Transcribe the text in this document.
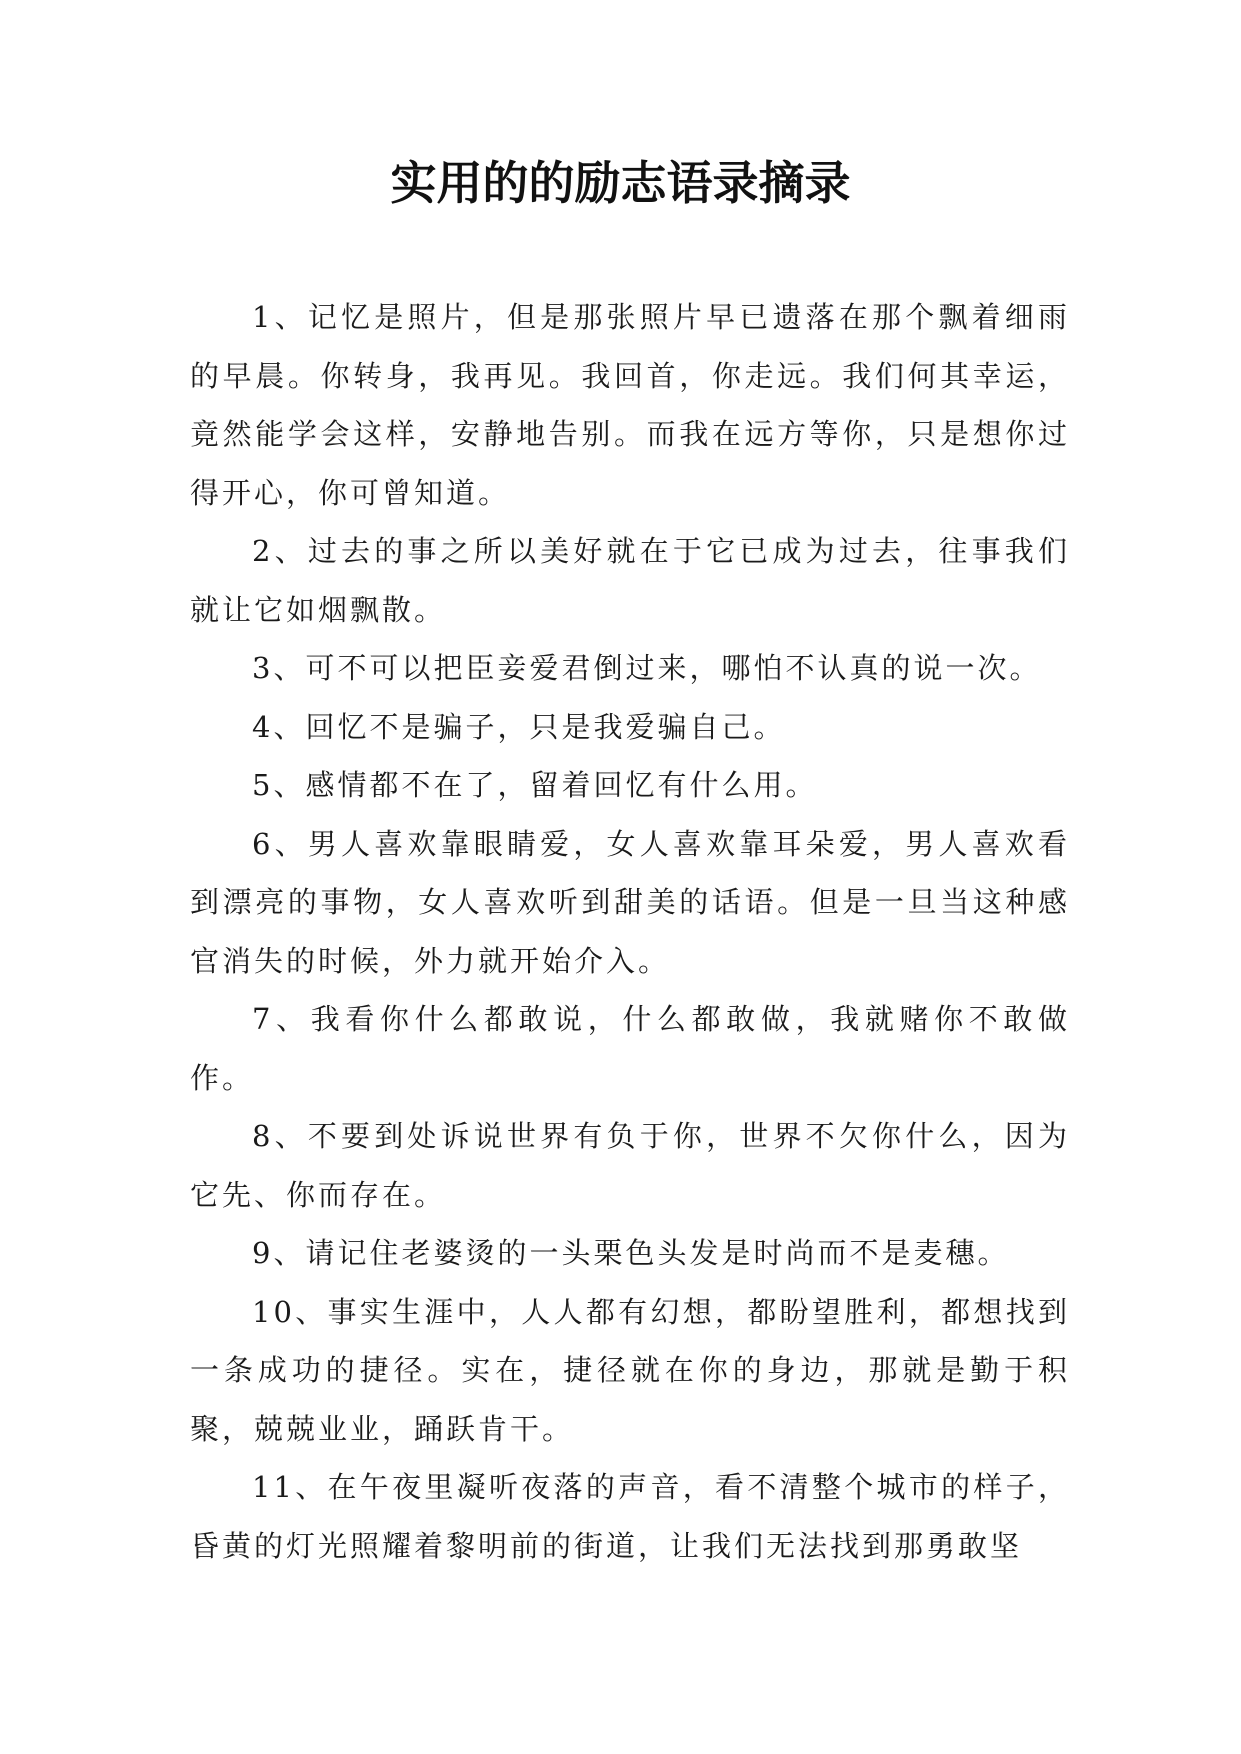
实用的的励志语录摘录

1、记忆是照片，但是那张照片早已遗落在那个飘着细雨的早晨。你转身，我再见。我回首，你走远。我们何其幸运，竟然能学会这样，安静地告别。而我在远方等你，只是想你过得开心，你可曾知道。

2、过去的事之所以美好就在于它已成为过去，往事我们就让它如烟飘散。

3、可不可以把臣妾爱君倒过来，哪怕不认真的说一次。

4、回忆不是骗子，只是我爱骗自己。

5、感情都不在了，留着回忆有什么用。

6、男人喜欢靠眼睛爱，女人喜欢靠耳朵爱，男人喜欢看到漂亮的事物，女人喜欢听到甜美的话语。但是一旦当这种感官消失的时候，外力就开始介入。

7、我看你什么都敢说，什么都敢做，我就赌你不敢做作。

8、不要到处诉说世界有负于你，世界不欠你什么，因为它先、你而存在。

9、请记住老婆烫的一头栗色头发是时尚而不是麦穗。

10、事实生涯中，人人都有幻想，都盼望胜利，都想找到一条成功的捷径。实在，捷径就在你的身边，那就是勤于积聚，兢兢业业，踊跃肯干。

11、在午夜里凝听夜落的声音，看不清整个城市的样子，昏黄的灯光照耀着黎明前的街道，让我们无法找到那勇敢坚
